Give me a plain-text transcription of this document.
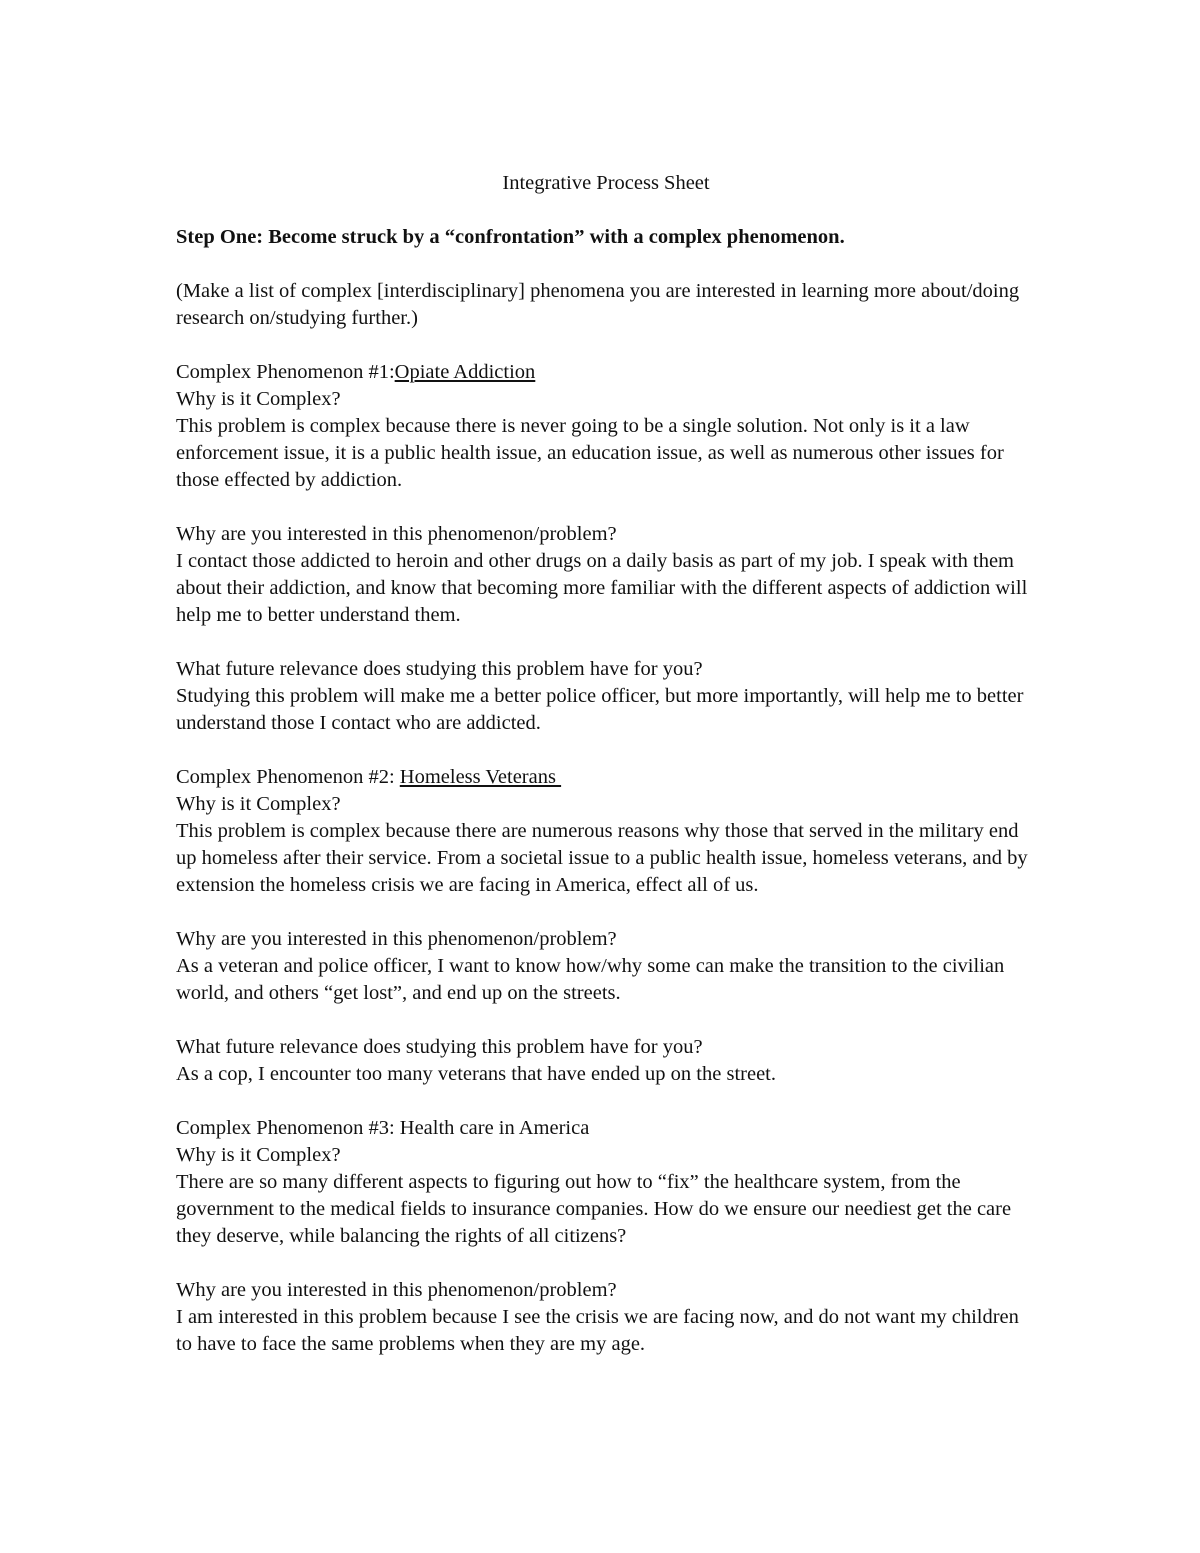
Integrative Process Sheet

Step One: Become struck by a “confrontation” with a complex phenomenon.

(Make a list of complex [interdisciplinary] phenomena you are interested in learning more about/doing research on/studying further.)

Complex Phenomenon #1:Opiate Addiction

Why is it Complex?

This problem is complex because there is never going to be a single solution. Not only is it a law enforcement issue, it is a public health issue, an education issue, as well as numerous other issues for those effected by addiction.

Why are you interested in this phenomenon/problem?

I contact those addicted to heroin and other drugs on a daily basis as part of my job. I speak with them about their addiction, and know that becoming more familiar with the different aspects of addiction will help me to better understand them.

What future relevance does studying this problem have for you?

Studying this problem will make me a better police officer, but more importantly, will help me to better understand those I contact who are addicted.

Complex Phenomenon #2: Homeless Veterans

Why is it Complex?

This problem is complex because there are numerous reasons why those that served in the military end up homeless after their service. From a societal issue to a public health issue, homeless veterans, and by extension the homeless crisis we are facing in America, effect all of us.

Why are you interested in this phenomenon/problem?

As a veteran and police officer, I want to know how/why some can make the transition to the civilian world, and others “get lost”, and end up on the streets.

What future relevance does studying this problem have for you?

As a cop, I encounter too many veterans that have ended up on the street.

Complex Phenomenon #3: Health care in America

Why is it Complex?

There are so many different aspects to figuring out how to “fix” the healthcare system, from the government to the medical fields to insurance companies. How do we ensure our neediest get the care they deserve, while balancing the rights of all citizens?

Why are you interested in this phenomenon/problem?

I am interested in this problem because I see the crisis we are facing now, and do not want my children to have to face the same problems when they are my age.
